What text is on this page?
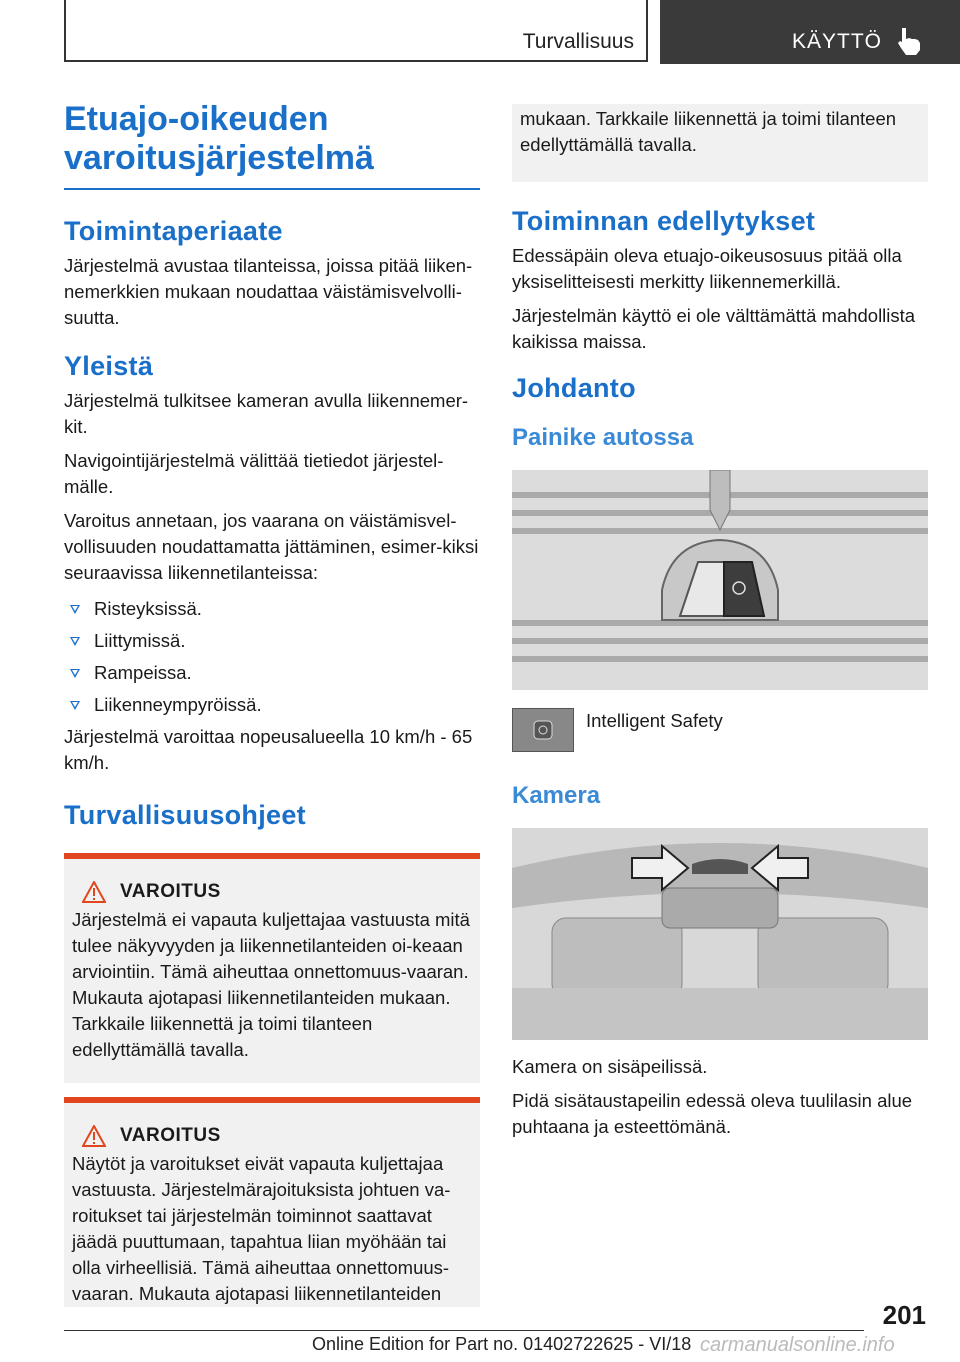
Turvallisuus	KÄYTTÖ
Etuajo-oikeuden varoitusjärjestelmä
Toimintaperiaate

Järjestelmä avustaa tilanteissa, joissa pitää liiken-nemerkkien mukaan noudattaa väistämisvelvolli-suutta.

Yleistä

Järjestelmä tulkitsee kameran avulla liikennemer-kit.

Navigointijärjestelmä välittää tietiedot järjestel-mälle.

Varoitus annetaan, jos vaarana on väistämisvel-vollisuuden noudattamatta jättäminen, esimer-kiksi seuraavissa liikennetilanteissa:

Risteyksissä.
Liittymissä.
Rampeissa.
Liikenneympyröissä.

Järjestelmä varoittaa nopeusalueella 10 km/h - 65 km/h.

Turvallisuusohjeet
VAROITUS

Järjestelmä ei vapauta kuljettajaa vastuusta mitä tulee näkyvyyden ja liikennetilanteiden oi-keaan arviointiin. Tämä aiheuttaa onnettomuus-vaaran. Mukauta ajotapasi liikennetilanteiden mukaan. Tarkkaile liikennettä ja toimi tilanteen edellyttämällä tavalla.

VAROITUS

Näytöt ja varoitukset eivät vapauta kuljettajaa vastuusta. Järjestelmärajoituksista johtuen va-roitukset tai järjestelmän toiminnot saattavat jäädä puuttumaan, tapahtua liian myöhään tai olla virheellisiä. Tämä aiheuttaa onnettomuus-vaaran. Mukauta ajotapasi liikennetilanteiden

mukaan. Tarkkaile liikennettä ja toimi tilanteen edellyttämällä tavalla.

Toiminnan edellytykset

Edessäpäin oleva etuajo-oikeusosuus pitää olla yksiselitteisesti merkitty liikennemerkillä.

Järjestelmän käyttö ei ole välttämättä mahdollista kaikissa maissa.

Johdanto
Painike autossa

Intelligent Safety

Kamera

Kamera on sisäpeilissä.

Pidä sisätaustapeilin edessä oleva tuulilasin alue puhtaana ja esteettömänä.

201
Online Edition for Part no. 01402722625 - VI/18 carmanualsonline.info
